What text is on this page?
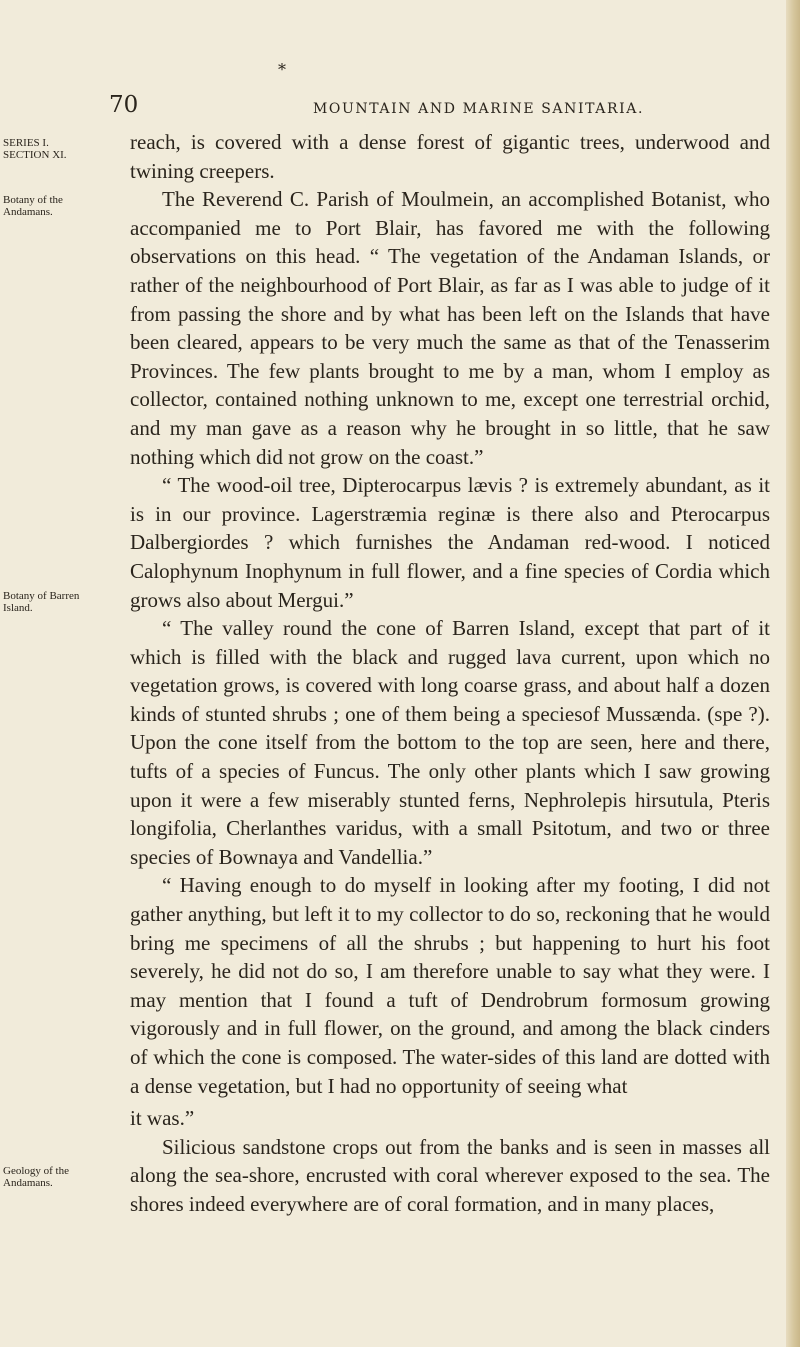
*
70	MOUNTAIN AND MARINE SANITARIA.
SERIES I.
SECTION XI.
Botany of the Andamans.
Botany of Barren Island.
Geology of the Andamans.

reach, is covered with a dense forest of gigantic trees, underwood and twining creepers.

The Reverend C. Parish of Moulmein, an accomplished Botanist, who accompanied me to Port Blair, has favored me with the following observations on this head. “ The vegetation of the Andaman Islands, or rather of the neighbourhood of Port Blair, as far as I was able to judge of it from passing the shore and by what has been left on the Islands that have been cleared, appears to be very much the same as that of the Tenasserim Provinces. The few plants brought to me by a man, whom I employ as collector, contained nothing unknown to me, except one terrestrial orchid, and my man gave as a reason why he brought in so little, that he saw nothing which did not grow on the coast.”

“ The wood-oil tree, Dipterocarpus lævis ? is extremely abundant, as it is in our province. Lagerstræmia reginæ is there also and Pterocarpus Dalbergiordes ? which furnishes the Andaman red-wood. I noticed Calophynum Inophynum in full flower, and a fine species of Cordia which grows also about Mergui.”

“ The valley round the cone of Barren Island, except that part of it which is filled with the black and rugged lava current, upon which no vegetation grows, is covered with long coarse grass, and about half a dozen kinds of stunted shrubs ; one of them being a speciesof Mussænda. (spe ?). Upon the cone itself from the bottom to the top are seen, here and there, tufts of a species of Funcus. The only other plants which I saw growing upon it were a few miserably stunted ferns, Nephrolepis hirsutula, Pteris longifolia, Cherlanthes varidus, with a small Psitotum, and two or three species of Bownaya and Vandellia.”

“ Having enough to do myself in looking after my footing, I did not gather anything, but left it to my collector to do so, reckoning that he would bring me specimens of all the shrubs ; but happening to hurt his foot severely, he did not do so, I am therefore unable to say what they were. I may mention that I found a tuft of Dendrobrum formosum growing vigorously and in full flower, on the ground, and among the black cinders of which the cone is composed. The water-sides of this land are dotted with a dense vegetation, but I had no opportunity of seeing what

it was.”

Silicious sandstone crops out from the banks and is seen in masses all along the sea-shore, encrusted with coral wherever exposed to the sea. The shores indeed everywhere are of coral formation, and in many places,
